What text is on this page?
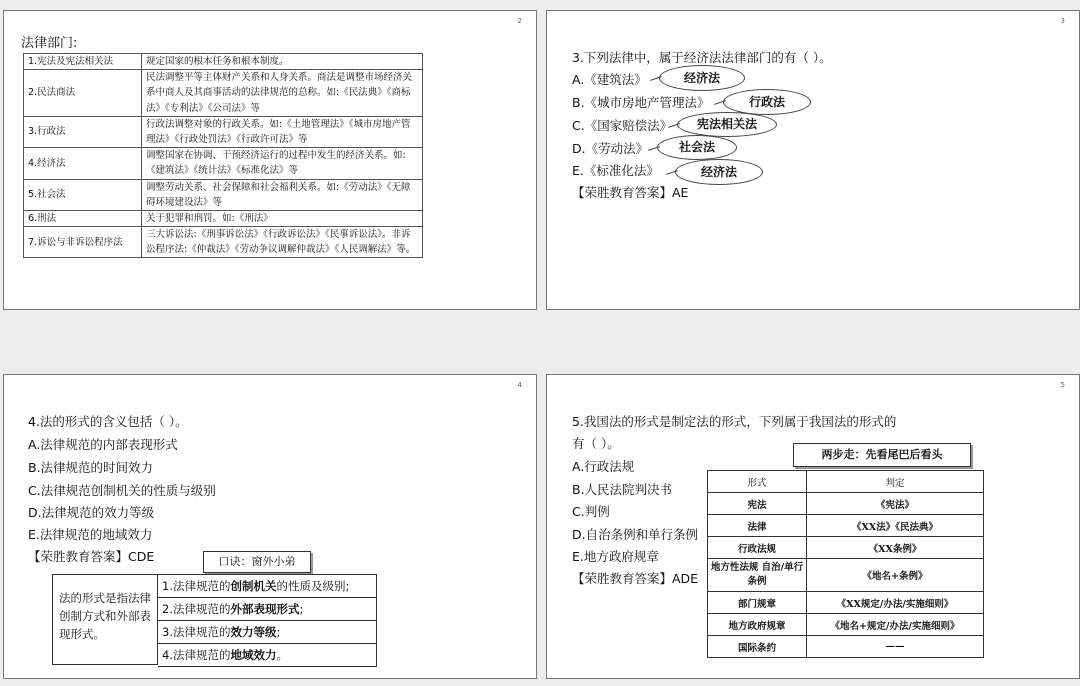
2
法律部门:
1.宪法及宪法相关法	规定国家的根本任务和根本制度。
2.民法商法	民法调整平等主体财产关系和人身关系。商法是调整市场经济关系中商人及其商事活动的法律规范的总称。如:《民法典》《商标法》《专利法》《公司法》等
3.行政法	行政法调整对象的行政关系。如:《土地管理法》《城市房地产管理法》《行政处罚法》《行政许可法》等
4.经济法	调整国家在协调、干预经济运行的过程中发生的经济关系。如:《建筑法》《统计法》《标准化法》等
5.社会法	调整劳动关系、社会保障和社会福利关系。如:《劳动法》《无障碍环境建设法》等
6.刑法	关于犯罪和刑罚。如:《刑法》
7.诉讼与非诉讼程序法	三大诉讼法:《刑事诉讼法》《行政诉讼法》《民事诉讼法》。非诉讼程序法:《仲裁法》《劳动争议调解仲裁法》《人民调解法》等。
3
3.下列法律中，属于经济法法律部门的有（ ）。
A.《建筑法》
B.《城市房地产管理法》
C.《国家赔偿法》
D.《劳动法》
E.《标准化法》
【荣胜教育答案】AE
经济法
行政法
宪法相关法
社会法
经济法
4
4.法的形式的含义包括（ ）。
A.法律规范的内部表现形式
B.法律规范的时间效力
C.法律规范创制机关的性质与级别
D.法律规范的效力等级
E.法律规范的地域效力
【荣胜教育答案】CDE	口诀：窗外小弟
法的形式是指法律创制方式和外部表现形式。
1.法律规范的创制机关的性质及级别;
2.法律规范的外部表现形式;
3.法律规范的效力等级;
4.法律规范的地域效力。
5
5.我国法的形式是制定法的形式，下列属于我国法的形式的
有（ ）。
A.行政法规
B.人民法院判决书
C.判例
D.自治条例和单行条例
E.地方政府规章
【荣胜教育答案】ADE
两步走：先看尾巴后看头
形式	判定
宪法	《宪法》
法律	《XX法》《民法典》
行政法规	《XX条例》
地方性法规 自治/单行条例	《地名+条例》
部门规章	《XX规定/办法/实施细则》
地方政府规章	《地名+规定/办法/实施细则》
国际条约	——
